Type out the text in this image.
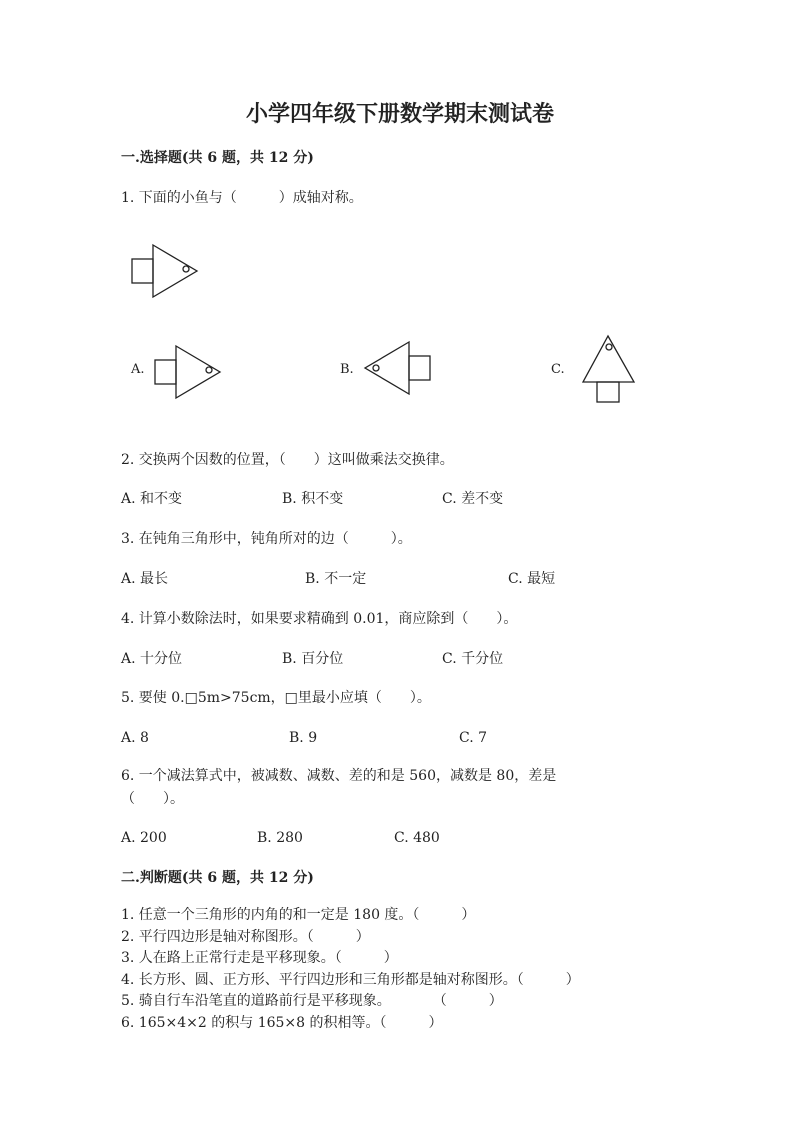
小学四年级下册数学期末测试卷
一.选择题(共 6 题，共 12 分)
1. 下面的小鱼与（　　　）成轴对称。
A.	B.	C.
2. 交换两个因数的位置，（　　）这叫做乘法交换律。
A. 和不变	B. 积不变	C. 差不变
3. 在钝角三角形中，钝角所对的边（　　　）。
A. 最长	B. 不一定	C. 最短
4. 计算小数除法时，如果要求精确到 0.01，商应除到（　　）。
A. 十分位	B. 百分位	C. 千分位
5. 要使 0.□5m>75cm，□里最小应填（　　）。
A. 8	B. 9	C. 7
6. 一个减法算式中，被减数、减数、差的和是 560，减数是 80，差是
（　　）。
A. 200	B. 280	C. 480
二.判断题(共 6 题，共 12 分)
1. 任意一个三角形的内角的和一定是 180 度。（　　　）
2. 平行四边形是轴对称图形。（　　　）
3. 人在路上正常行走是平移现象。（　　　）
4. 长方形、圆、正方形、平行四边形和三角形都是轴对称图形。（　　　）
5. 骑自行车沿笔直的道路前行是平移现象。　　　　（　　　）
6. 165×4×2 的积与 165×8 的积相等。（　　　）
